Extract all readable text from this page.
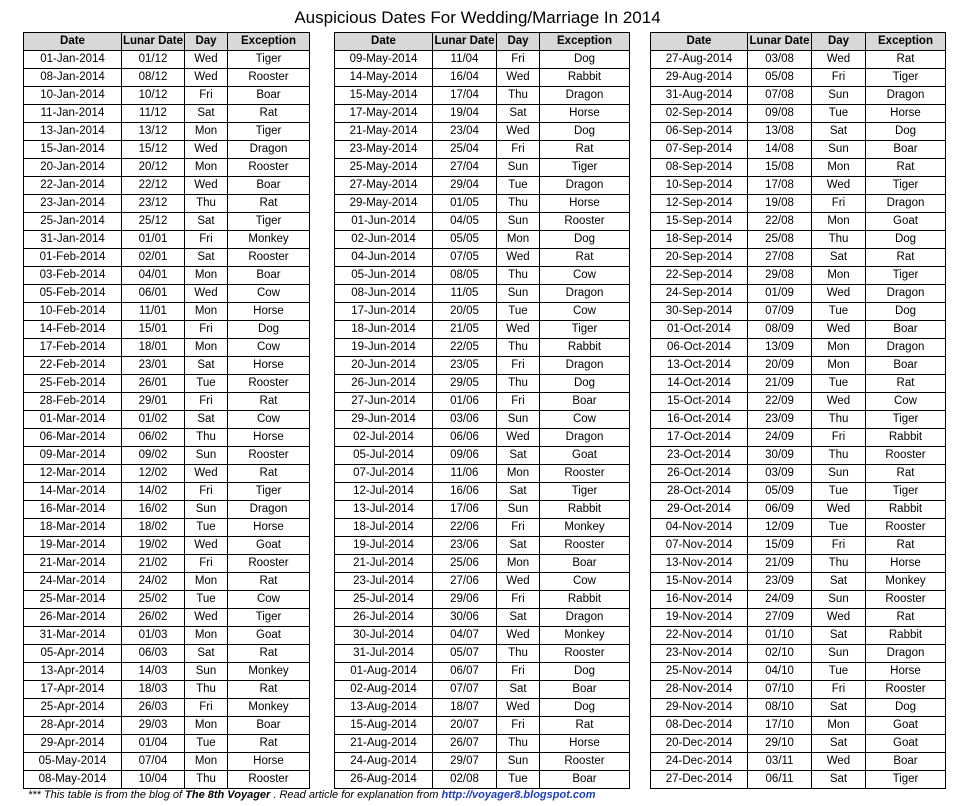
Auspicious Dates For Wedding/Marriage In 2014
Date	Lunar Date	Day	Exception
01-Jan-2014	01/12	Wed	Tiger
08-Jan-2014	08/12	Wed	Rooster
10-Jan-2014	10/12	Fri	Boar
11-Jan-2014	11/12	Sat	Rat
13-Jan-2014	13/12	Mon	Tiger
15-Jan-2014	15/12	Wed	Dragon
20-Jan-2014	20/12	Mon	Rooster
22-Jan-2014	22/12	Wed	Boar
23-Jan-2014	23/12	Thu	Rat
25-Jan-2014	25/12	Sat	Tiger
31-Jan-2014	01/01	Fri	Monkey
01-Feb-2014	02/01	Sat	Rooster
03-Feb-2014	04/01	Mon	Boar
05-Feb-2014	06/01	Wed	Cow
10-Feb-2014	11/01	Mon	Horse
14-Feb-2014	15/01	Fri	Dog
17-Feb-2014	18/01	Mon	Cow
22-Feb-2014	23/01	Sat	Horse
25-Feb-2014	26/01	Tue	Rooster
28-Feb-2014	29/01	Fri	Rat
01-Mar-2014	01/02	Sat	Cow
06-Mar-2014	06/02	Thu	Horse
09-Mar-2014	09/02	Sun	Rooster
12-Mar-2014	12/02	Wed	Rat
14-Mar-2014	14/02	Fri	Tiger
16-Mar-2014	16/02	Sun	Dragon
18-Mar-2014	18/02	Tue	Horse
19-Mar-2014	19/02	Wed	Goat
21-Mar-2014	21/02	Fri	Rooster
24-Mar-2014	24/02	Mon	Rat
25-Mar-2014	25/02	Tue	Cow
26-Mar-2014	26/02	Wed	Tiger
31-Mar-2014	01/03	Mon	Goat
05-Apr-2014	06/03	Sat	Rat
13-Apr-2014	14/03	Sun	Monkey
17-Apr-2014	18/03	Thu	Rat
25-Apr-2014	26/03	Fri	Monkey
28-Apr-2014	29/03	Mon	Boar
29-Apr-2014	01/04	Tue	Rat
05-May-2014	07/04	Mon	Horse
08-May-2014	10/04	Thu	Rooster
Date	Lunar Date	Day	Exception
09-May-2014	11/04	Fri	Dog
14-May-2014	16/04	Wed	Rabbit
15-May-2014	17/04	Thu	Dragon
17-May-2014	19/04	Sat	Horse
21-May-2014	23/04	Wed	Dog
23-May-2014	25/04	Fri	Rat
25-May-2014	27/04	Sun	Tiger
27-May-2014	29/04	Tue	Dragon
29-May-2014	01/05	Thu	Horse
01-Jun-2014	04/05	Sun	Rooster
02-Jun-2014	05/05	Mon	Dog
04-Jun-2014	07/05	Wed	Rat
05-Jun-2014	08/05	Thu	Cow
08-Jun-2014	11/05	Sun	Dragon
17-Jun-2014	20/05	Tue	Cow
18-Jun-2014	21/05	Wed	Tiger
19-Jun-2014	22/05	Thu	Rabbit
20-Jun-2014	23/05	Fri	Dragon
26-Jun-2014	29/05	Thu	Dog
27-Jun-2014	01/06	Fri	Boar
29-Jun-2014	03/06	Sun	Cow
02-Jul-2014	06/06	Wed	Dragon
05-Jul-2014	09/06	Sat	Goat
07-Jul-2014	11/06	Mon	Rooster
12-Jul-2014	16/06	Sat	Tiger
13-Jul-2014	17/06	Sun	Rabbit
18-Jul-2014	22/06	Fri	Monkey
19-Jul-2014	23/06	Sat	Rooster
21-Jul-2014	25/06	Mon	Boar
23-Jul-2014	27/06	Wed	Cow
25-Jul-2014	29/06	Fri	Rabbit
26-Jul-2014	30/06	Sat	Dragon
30-Jul-2014	04/07	Wed	Monkey
31-Jul-2014	05/07	Thu	Rooster
01-Aug-2014	06/07	Fri	Dog
02-Aug-2014	07/07	Sat	Boar
13-Aug-2014	18/07	Wed	Dog
15-Aug-2014	20/07	Fri	Rat
21-Aug-2014	26/07	Thu	Horse
24-Aug-2014	29/07	Sun	Rooster
26-Aug-2014	02/08	Tue	Boar
Date	Lunar Date	Day	Exception
27-Aug-2014	03/08	Wed	Rat
29-Aug-2014	05/08	Fri	Tiger
31-Aug-2014	07/08	Sun	Dragon
02-Sep-2014	09/08	Tue	Horse
06-Sep-2014	13/08	Sat	Dog
07-Sep-2014	14/08	Sun	Boar
08-Sep-2014	15/08	Mon	Rat
10-Sep-2014	17/08	Wed	Tiger
12-Sep-2014	19/08	Fri	Dragon
15-Sep-2014	22/08	Mon	Goat
18-Sep-2014	25/08	Thu	Dog
20-Sep-2014	27/08	Sat	Rat
22-Sep-2014	29/08	Mon	Tiger
24-Sep-2014	01/09	Wed	Dragon
30-Sep-2014	07/09	Tue	Dog
01-Oct-2014	08/09	Wed	Boar
06-Oct-2014	13/09	Mon	Dragon
13-Oct-2014	20/09	Mon	Boar
14-Oct-2014	21/09	Tue	Rat
15-Oct-2014	22/09	Wed	Cow
16-Oct-2014	23/09	Thu	Tiger
17-Oct-2014	24/09	Fri	Rabbit
23-Oct-2014	30/09	Thu	Rooster
26-Oct-2014	03/09	Sun	Rat
28-Oct-2014	05/09	Tue	Tiger
29-Oct-2014	06/09	Wed	Rabbit
04-Nov-2014	12/09	Tue	Rooster
07-Nov-2014	15/09	Fri	Rat
13-Nov-2014	21/09	Thu	Horse
15-Nov-2014	23/09	Sat	Monkey
16-Nov-2014	24/09	Sun	Rooster
19-Nov-2014	27/09	Wed	Rat
22-Nov-2014	01/10	Sat	Rabbit
23-Nov-2014	02/10	Sun	Dragon
25-Nov-2014	04/10	Tue	Horse
28-Nov-2014	07/10	Fri	Rooster
29-Nov-2014	08/10	Sat	Dog
08-Dec-2014	17/10	Mon	Goat
20-Dec-2014	29/10	Sat	Goat
24-Dec-2014	03/11	Wed	Boar
27-Dec-2014	06/11	Sat	Tiger
*** This table is from the blog of The 8th Voyager . Read article for explanation from http://voyager8.blogspot.com
